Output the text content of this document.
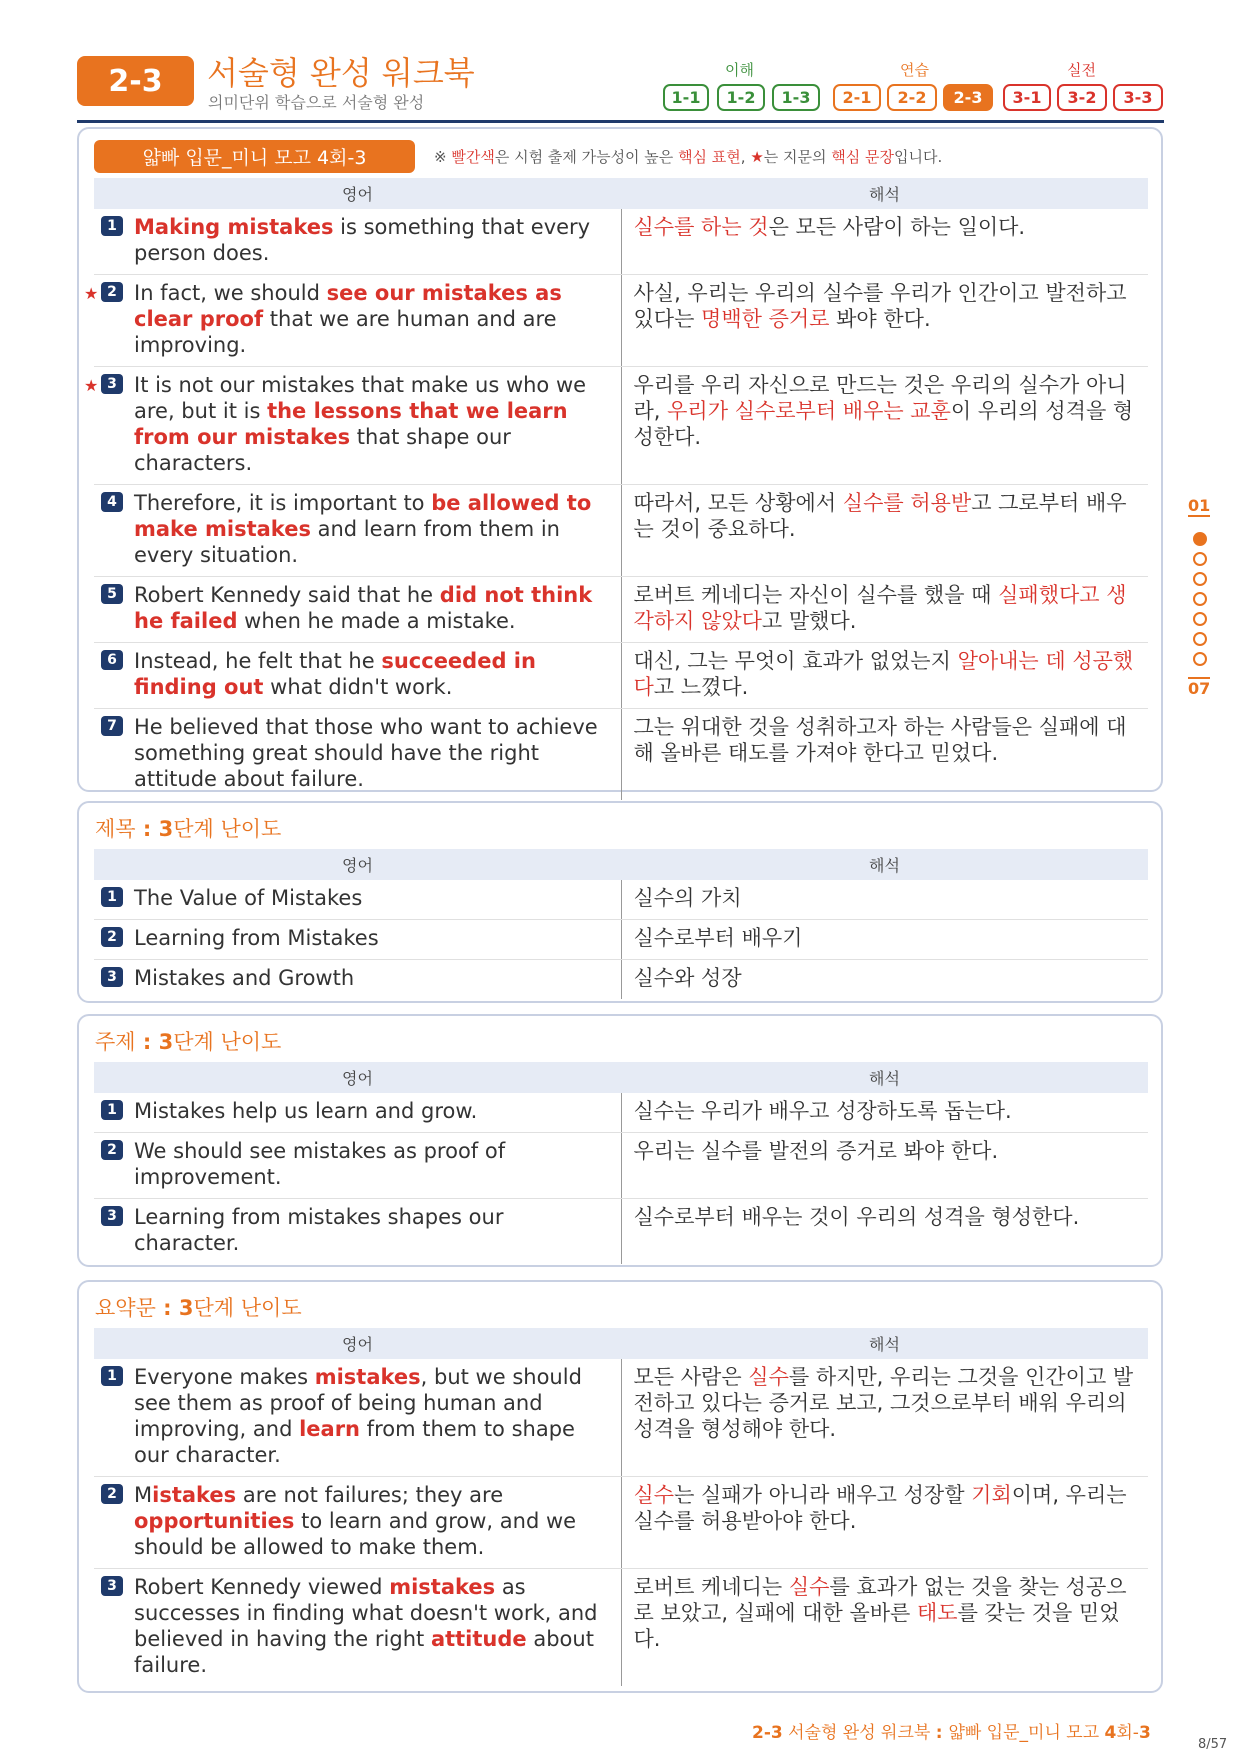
2-3	서술형 완성 워크북
의미단위 학습으로 서술형 완성
이해	연습	실전
1-1	1-2	1-3	2-1	2-2	2-3	3-1	3-2	3-3
얇빠 입문_미니 모고 4회-3	※ 빨간색은 시험 출제 가능성이 높은 핵심 표현, ★는 지문의 핵심 문장입니다.
영어	해석

1 Making mistakes is something that every person does.	실수를 하는 것은 모든 사람이 하는 일이다.

★ 2 In fact, we should see our mistakes as clear proof that we are human and are improving.	사실, 우리는 우리의 실수를 우리가 인간이고 발전하고 있다는 명백한 증거로 봐야 한다.

★ 3 It is not our mistakes that make us who we are, but it is the lessons that we learn from our mistakes that shape our characters.	우리를 우리 자신으로 만드는 것은 우리의 실수가 아니라, 우리가 실수로부터 배우는 교훈이 우리의 성격을 형성한다.

4 Therefore, it is important to be allowed to make mistakes and learn from them in every situation.	따라서, 모든 상황에서 실수를 허용받고 그로부터 배우는 것이 중요하다.

5 Robert Kennedy said that he did not think he failed when he made a mistake.	로버트 케네디는 자신이 실수를 했을 때 실패했다고 생각하지 않았다고 말했다.

6 Instead, he felt that he succeeded in finding out what didn't work.	대신, 그는 무엇이 효과가 없었는지 알아내는 데 성공했다고 느꼈다.

7 He believed that those who want to achieve something great should have the right attitude about failure.	그는 위대한 것을 성취하고자 하는 사람들은 실패에 대해 올바른 태도를 가져야 한다고 믿었다.
제목 : 3단계 난이도
영어	해석

1 The Value of Mistakes	실수의 가치

2 Learning from Mistakes	실수로부터 배우기

3 Mistakes and Growth	실수와 성장
주제 : 3단계 난이도
영어	해석

1 Mistakes help us learn and grow.	실수는 우리가 배우고 성장하도록 돕는다.

2 We should see mistakes as proof of improvement.	우리는 실수를 발전의 증거로 봐야 한다.

3 Learning from mistakes shapes our character.	실수로부터 배우는 것이 우리의 성격을 형성한다.
요약문 : 3단계 난이도
영어	해석

1 Everyone makes mistakes, but we should see them as proof of being human and improving, and learn from them to shape our character.	모든 사람은 실수를 하지만, 우리는 그것을 인간이고 발전하고 있다는 증거로 보고, 그것으로부터 배워 우리의 성격을 형성해야 한다.

2 Mistakes are not failures; they are opportunities to learn and grow, and we should be allowed to make them.	실수는 실패가 아니라 배우고 성장할 기회이며, 우리는 실수를 허용받아야 한다.

3 Robert Kennedy viewed mistakes as successes in finding what doesn't work, and believed in having the right attitude about failure.	로버트 케네디는 실수를 효과가 없는 것을 찾는 성공으로 보았고, 실패에 대한 올바른 태도를 갖는 것을 믿었다.
01
07
2-3 서술형 완성 워크북 : 얇빠 입문_미니 모고 4회-3
8/57
